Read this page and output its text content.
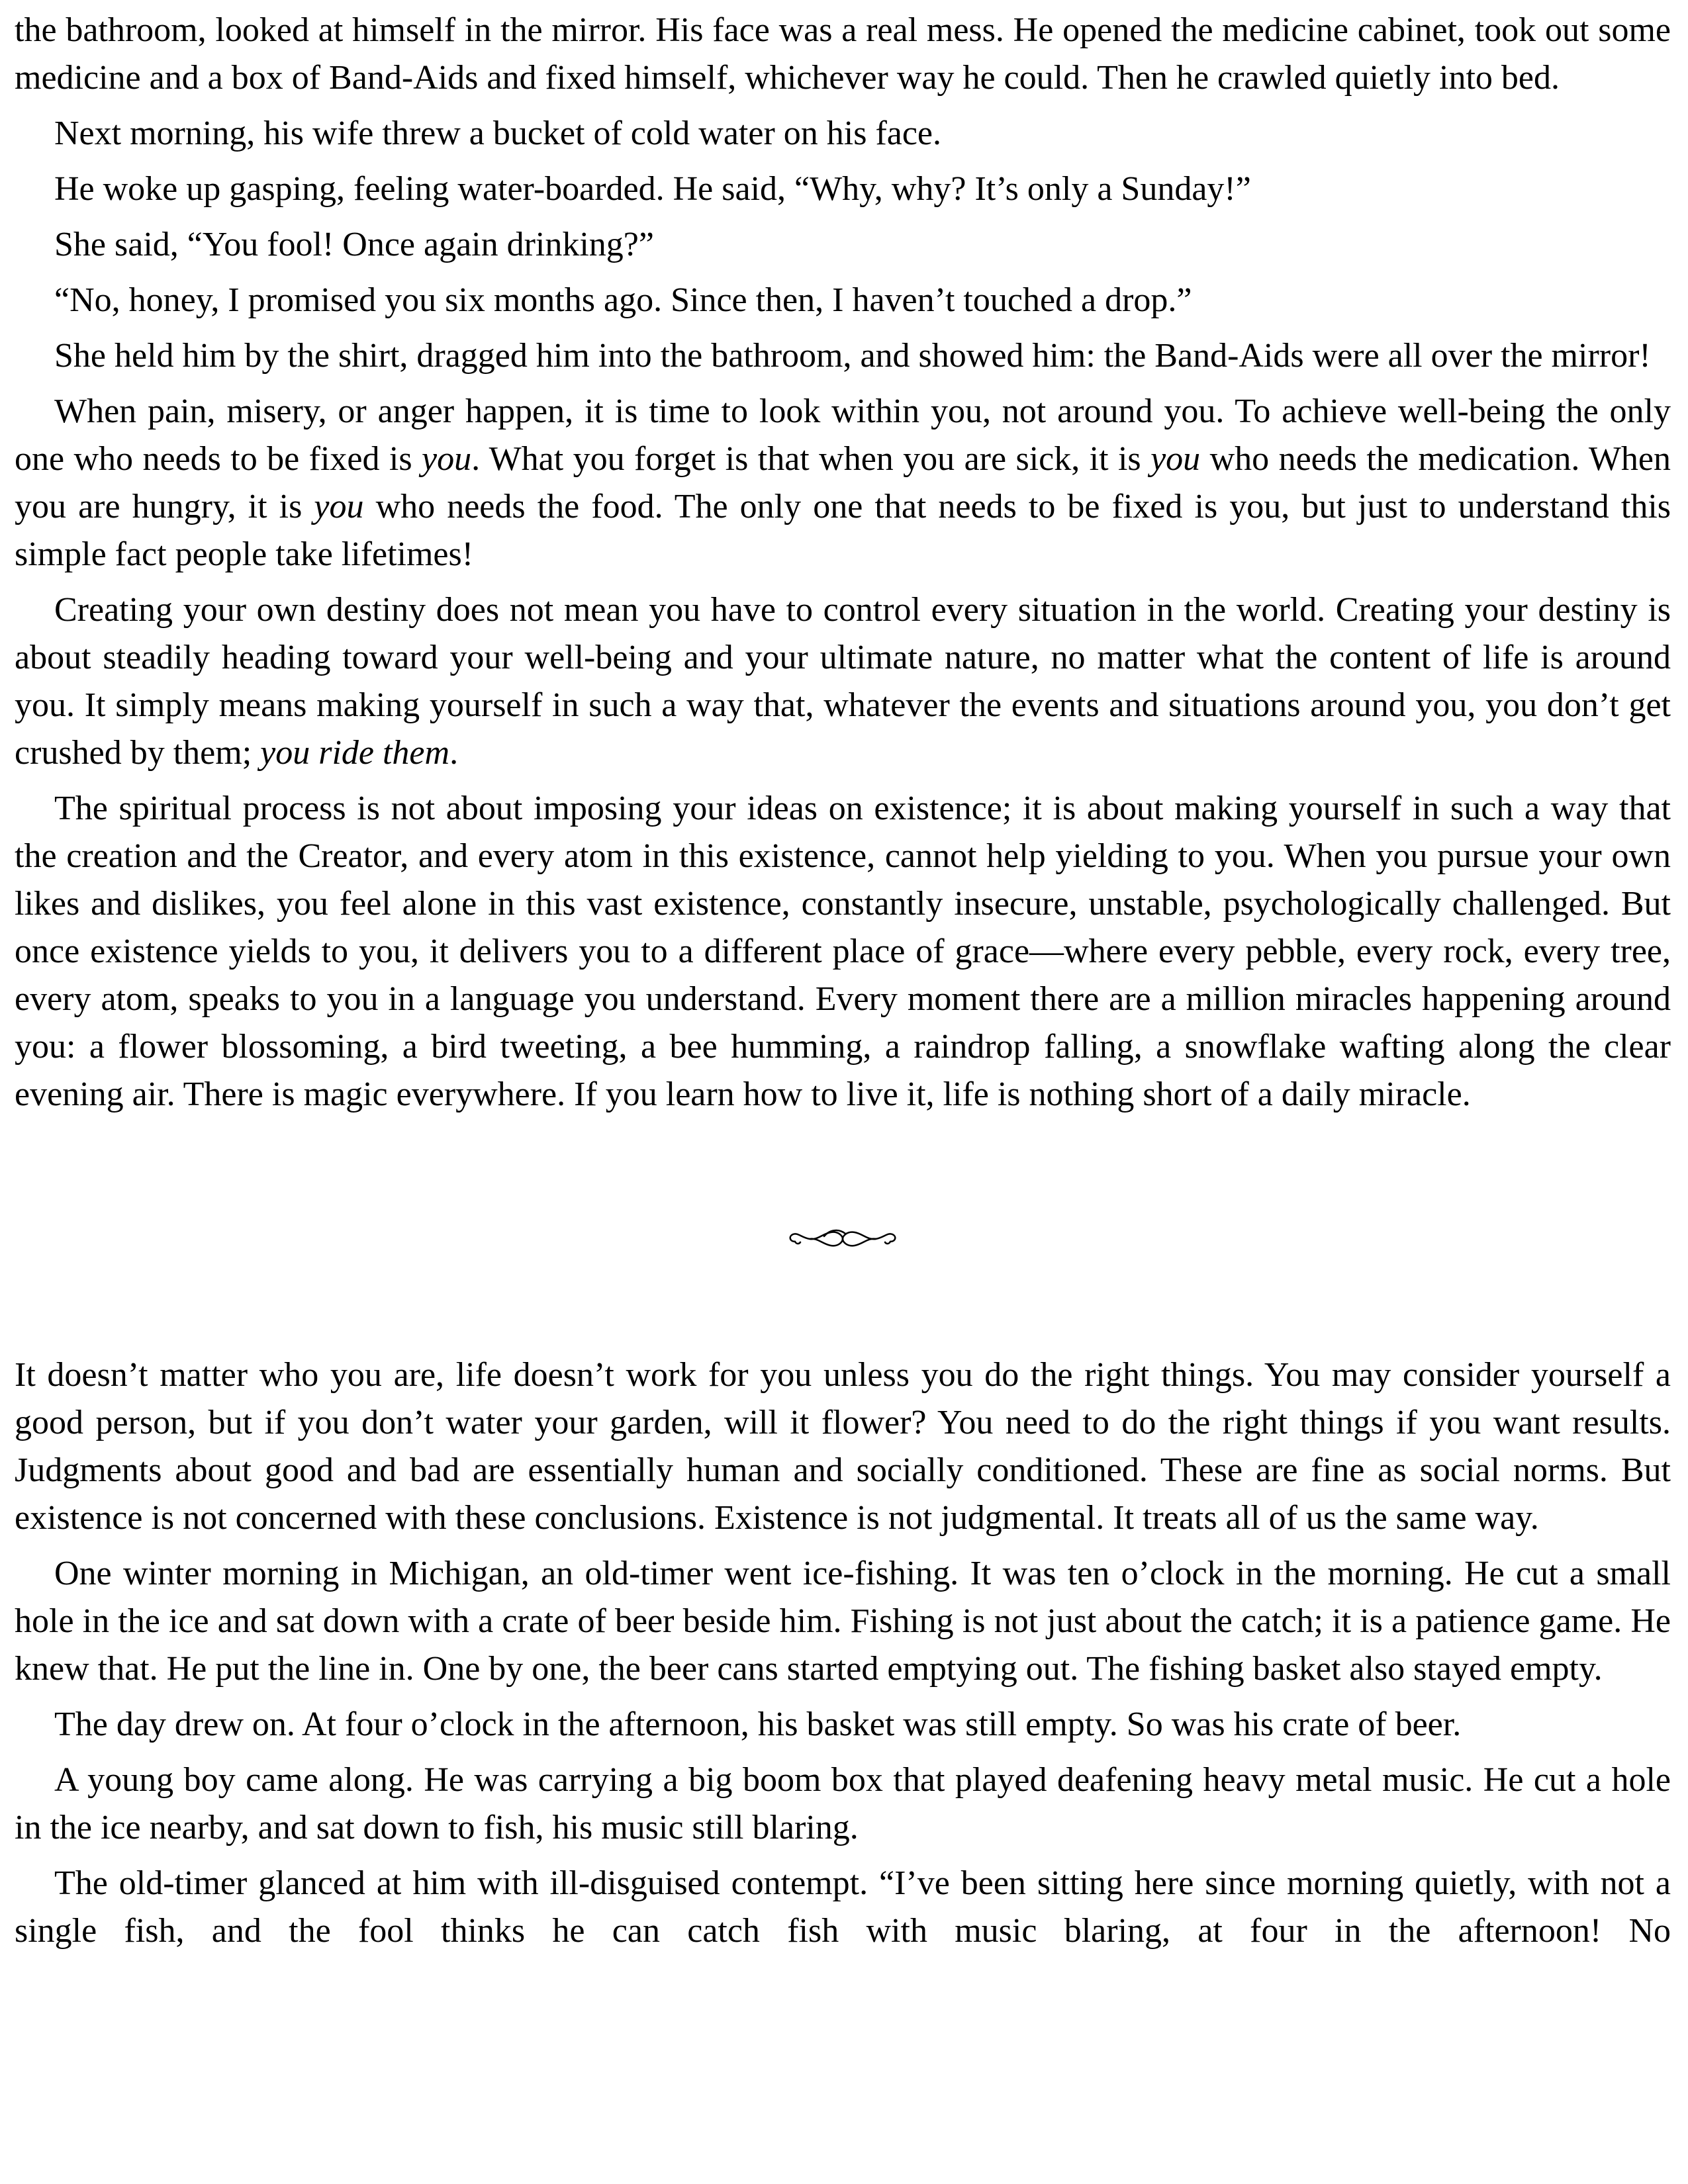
the bathroom, looked at himself in the mirror. His face was a real mess. He opened the medicine cabinet, took out some medicine and a box of Band-Aids and fixed himself, whichever way he could. Then he crawled quietly into bed.

Next morning, his wife threw a bucket of cold water on his face.

He woke up gasping, feeling water-boarded. He said, “Why, why? It’s only a Sunday!”

She said, “You fool! Once again drinking?”

“No, honey, I promised you six months ago. Since then, I haven’t touched a drop.”

She held him by the shirt, dragged him into the bathroom, and showed him: the Band-Aids were all over the mirror!

When pain, misery, or anger happen, it is time to look within you, not around you. To achieve well-being the only one who needs to be fixed is you. What you forget is that when you are sick, it is you who needs the medication. When you are hungry, it is you who needs the food. The only one that needs to be fixed is you, but just to understand this simple fact people take lifetimes!

Creating your own destiny does not mean you have to control every situation in the world. Creating your destiny is about steadily heading toward your well-being and your ultimate nature, no matter what the content of life is around you. It simply means making yourself in such a way that, whatever the events and situations around you, you don’t get crushed by them; you ride them.

The spiritual process is not about imposing your ideas on existence; it is about making yourself in such a way that the creation and the Creator, and every atom in this existence, cannot help yielding to you. When you pursue your own likes and dislikes, you feel alone in this vast existence, constantly insecure, unstable, psychologically challenged. But once existence yields to you, it delivers you to a different place of grace—where every pebble, every rock, every tree, every atom, speaks to you in a language you understand. Every moment there are a million miracles happening around you: a flower blossoming, a bird tweeting, a bee humming, a raindrop falling, a snowflake wafting along the clear evening air. There is magic everywhere. If you learn how to live it, life is nothing short of a daily miracle.

It doesn’t matter who you are, life doesn’t work for you unless you do the right things. You may consider yourself a good person, but if you don’t water your garden, will it flower? You need to do the right things if you want results. Judgments about good and bad are essentially human and socially conditioned. These are fine as social norms. But existence is not concerned with these conclusions. Existence is not judgmental. It treats all of us the same way.

One winter morning in Michigan, an old-timer went ice-fishing. It was ten o’clock in the morning. He cut a small hole in the ice and sat down with a crate of beer beside him. Fishing is not just about the catch; it is a patience game. He knew that. He put the line in. One by one, the beer cans started emptying out. The fishing basket also stayed empty.

The day drew on. At four o’clock in the afternoon, his basket was still empty. So was his crate of beer.

A young boy came along. He was carrying a big boom box that played deafening heavy metal music. He cut a hole in the ice nearby, and sat down to fish, his music still blaring.

The old-timer glanced at him with ill-disguised contempt. “I’ve been sitting here since morning quietly, with not a single fish, and the fool thinks he can catch fish with music blaring, at four in the afternoon! No
